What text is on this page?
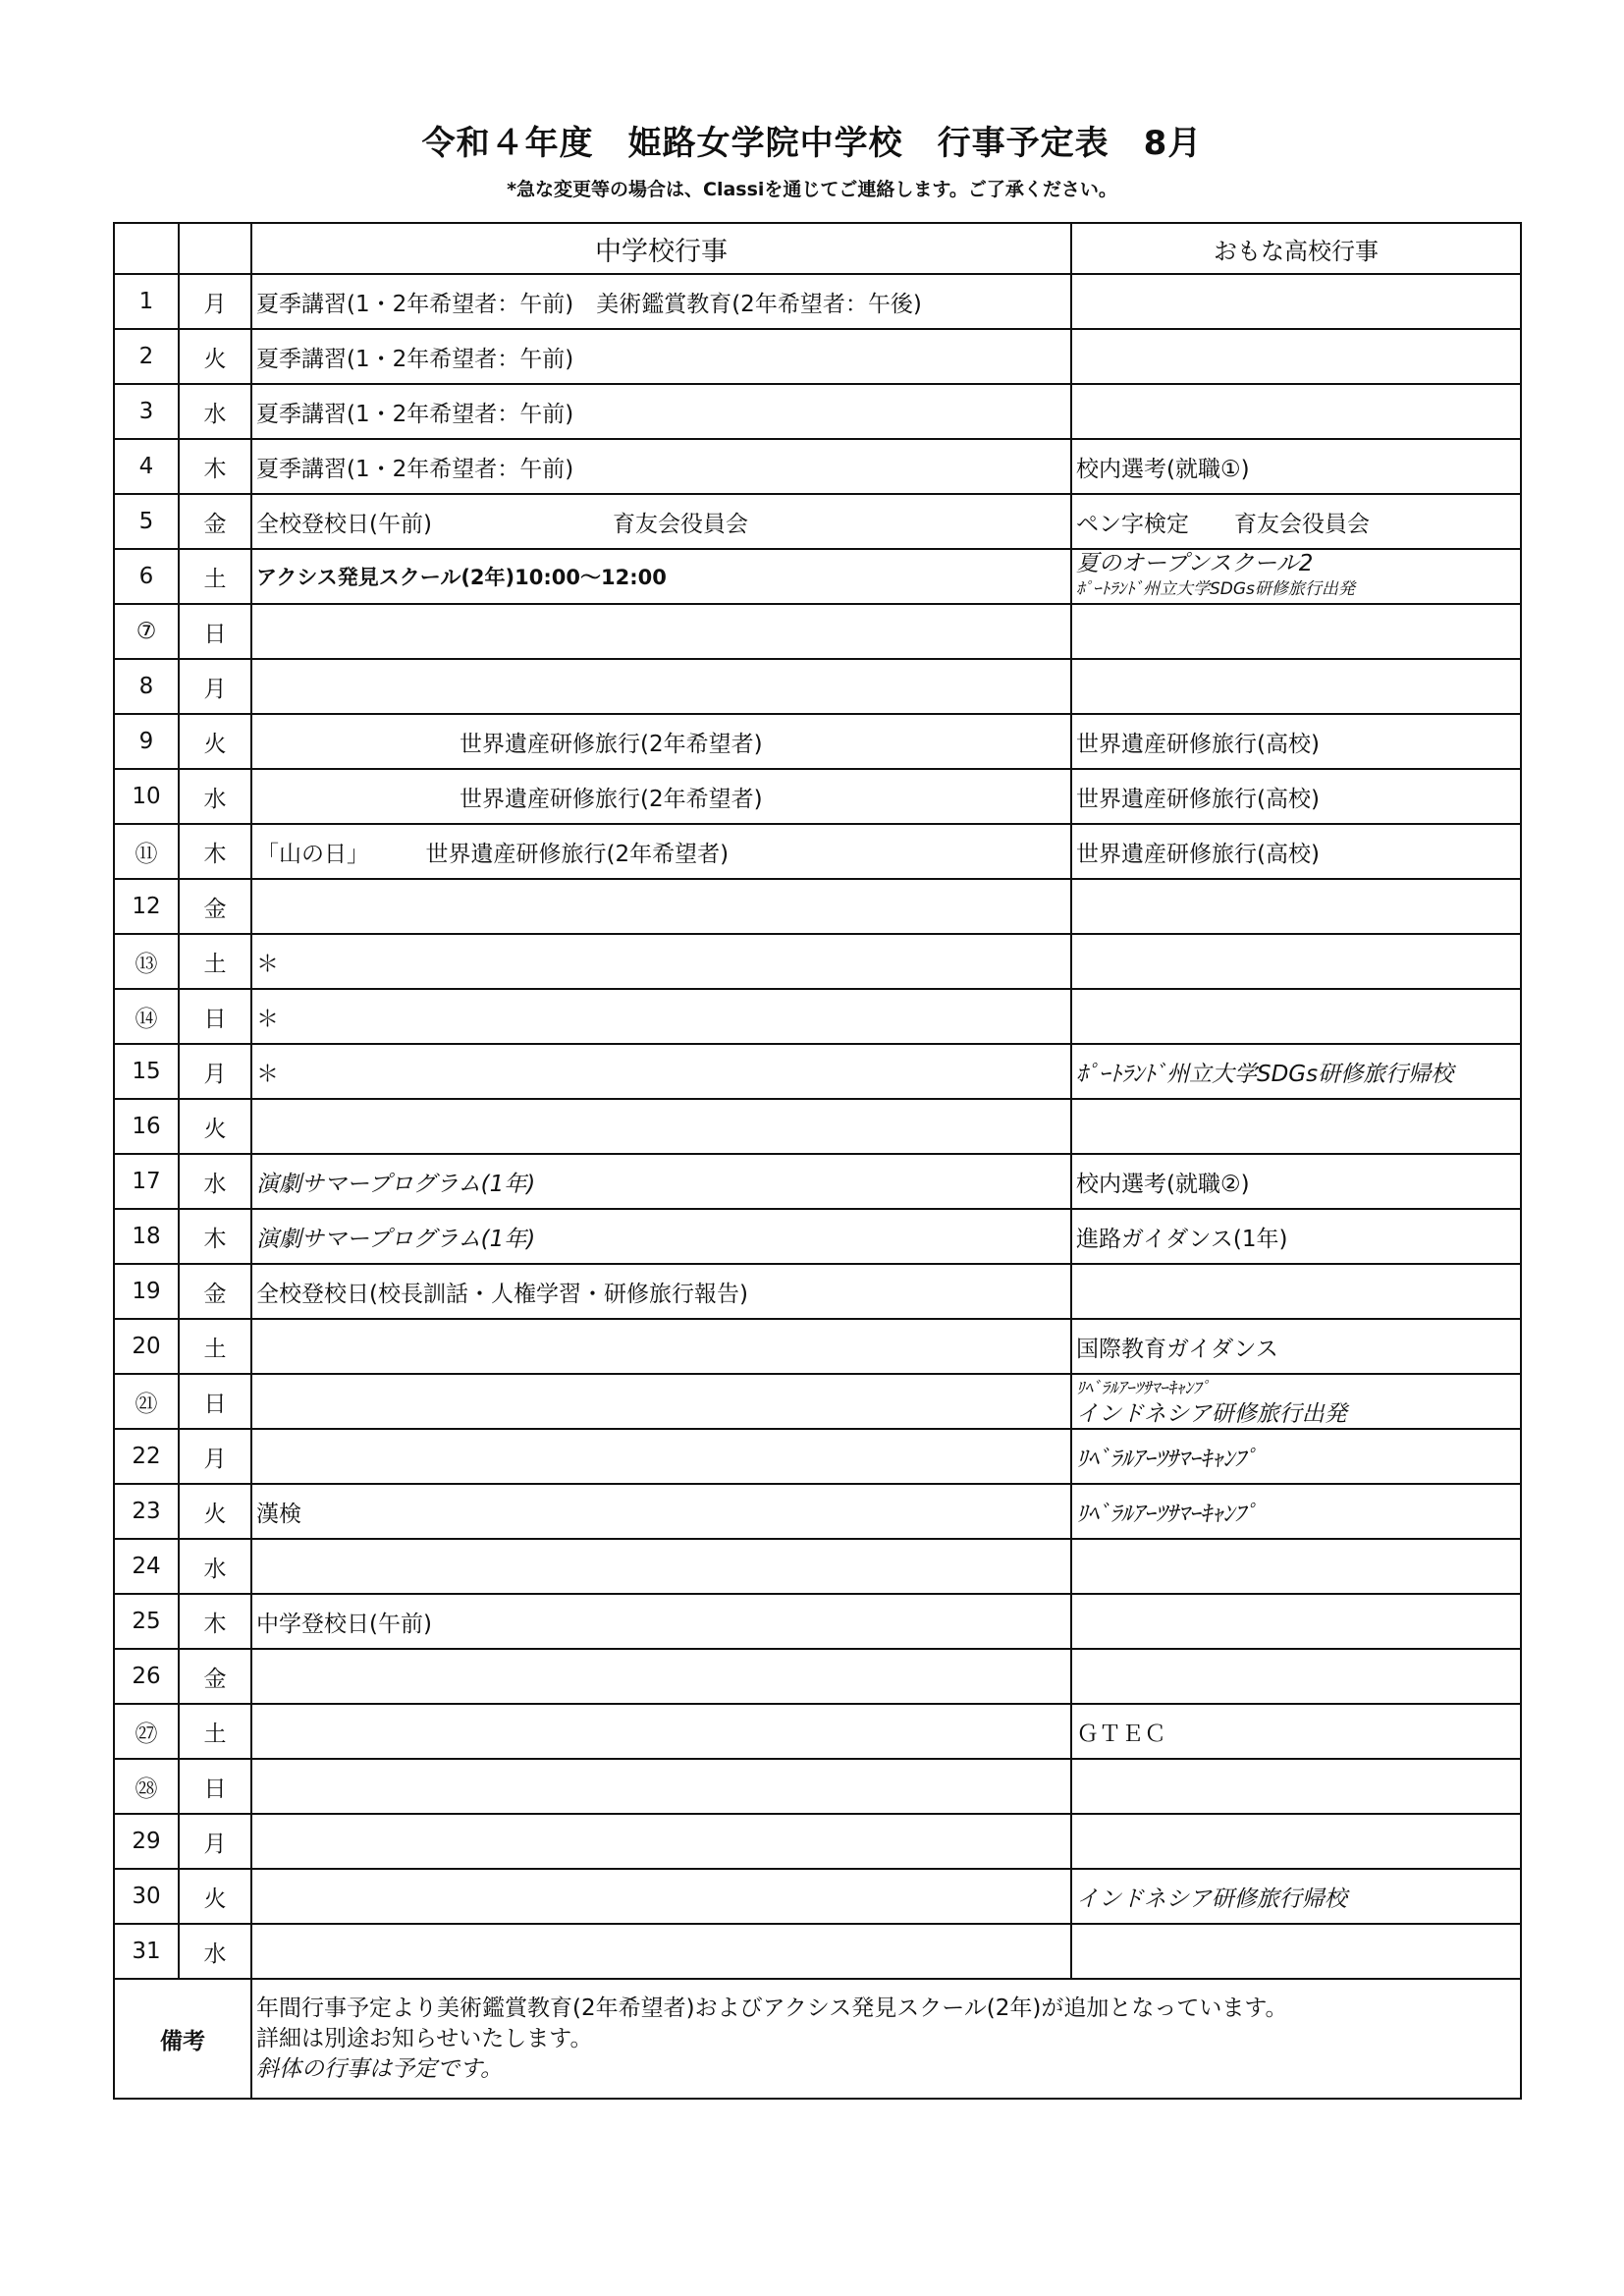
令和４年度　姫路女学院中学校　行事予定表　8月
*急な変更等の場合は、Classiを通じてご連絡します。ご了承ください。
		中学校行事	おもな高校行事
1	月	夏季講習(1・2年希望者：午前)　美術鑑賞教育(2年希望者：午後)	
2	火	夏季講習(1・2年希望者：午前)	
3	水	夏季講習(1・2年希望者：午前)	
4	木	夏季講習(1・2年希望者：午前)	校内選考(就職①)
5	金	全校登校日(午前)　　　　　　　　育友会役員会	ペン字検定　　育友会役員会
6	土	アクシス発見スクール(2年)10:00～12:00	夏のオープンスクール2
ﾎﾟｰﾄﾗﾝﾄﾞ州立大学SDGs研修旅行出発

⑦	日		
8	月		
9	火	　　　　　　　　　世界遺産研修旅行(2年希望者)	世界遺産研修旅行(高校)
10	水	　　　　　　　　　世界遺産研修旅行(2年希望者)	世界遺産研修旅行(高校)
⑪	木	「山の日」　　　世界遺産研修旅行(2年希望者)	世界遺産研修旅行(高校)
12	金		
⑬	土	＊	
⑭	日	＊	
15	月	＊	ﾎﾟｰﾄﾗﾝﾄﾞ州立大学SDGs研修旅行帰校
16	火		
17	水	演劇サマープログラム(1年)	校内選考(就職②)
18	木	演劇サマープログラム(1年)	進路ガイダンス(1年)
19	金	全校登校日(校長訓話・人権学習・研修旅行報告)	
20	土		国際教育ガイダンス
㉑	日		ﾘﾍﾞﾗﾙｱｰﾂｻﾏｰｷｬﾝﾌﾟ
インドネシア研修旅行出発

22	月		ﾘﾍﾞﾗﾙｱｰﾂｻﾏｰｷｬﾝﾌﾟ
23	火	漢検	ﾘﾍﾞﾗﾙｱｰﾂｻﾏｰｷｬﾝﾌﾟ
24	水		
25	木	中学登校日(午前)	
26	金		
㉗	土		ＧＴＥＣ
㉘	日		
29	月		
30	火		インドネシア研修旅行帰校
31	水		
備考		年間行事予定より美術鑑賞教育(2年希望者)およびアクシス発見スクール(2年)が追加となっています。
詳細は別途お知らせいたします。
斜体の行事は予定です。	
